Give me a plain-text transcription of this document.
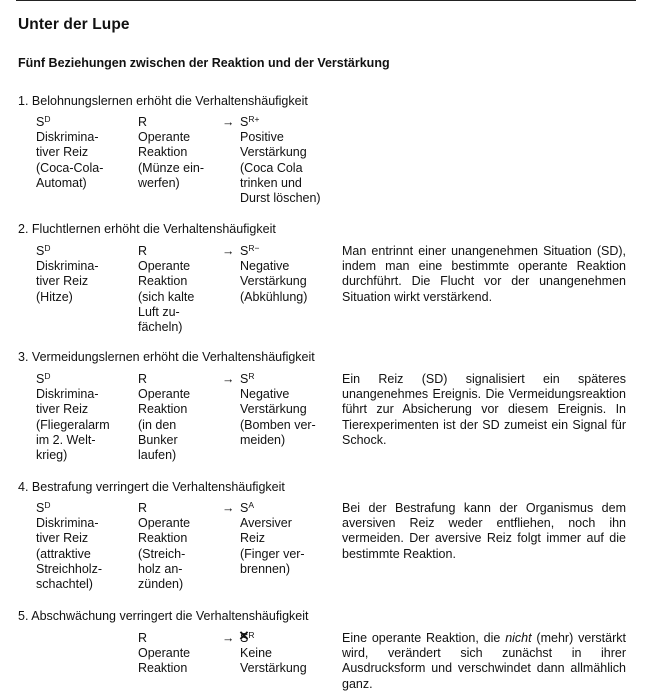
Unter der Lupe
Fünf Beziehungen zwischen der Reaktion und der Verstärkung
1. Belohnungslernen erhöht die Verhaltenshäufigkeit
$S^D$
Diskrimina-
tiver Reiz
(Coca-Cola-
Automat)
R
Operante
Reaktion
(Münze ein-
werfen)
→ $S^{R+}$
Positive
Verstärkung
(Coca Cola
trinken und
Durst löschen)
2. Fluchtlernen erhöht die Verhaltenshäufigkeit
$S^D$
Diskrimina-
tiver Reiz
(Hitze)
R
Operante
Reaktion
(sich kalte
Luft zu-
fächeln)
→ $S^{R-}$
Negative
Verstärkung
(Abkühlung)
Man entrinnt einer unangenehmen Situation (SD), indem man eine bestimmte operante Reaktion durchführt. Die Flucht vor der unangenehmen Situation wirkt verstärkend.
3. Vermeidungslernen erhöht die Verhaltenshäufigkeit
$S^D$
Diskrimina-
tiver Reiz
(Fliegeralarm
im 2. Welt-
krieg)
R
Operante
Reaktion
(in den
Bunker
laufen)
→ $S^R$
Negative
Verstärkung
(Bomben ver-
meiden)
Ein Reiz (SD) signalisiert ein späteres unangenehmes Ereignis. Die Vermeidungsreaktion führt zur Absicherung vor diesem Ereignis. In Tierexperimenten ist der SD zumeist ein Signal für Schock.
4. Bestrafung verringert die Verhaltenshäufigkeit
$S^D$
Diskrimina-
tiver Reiz
(attraktive
Streichholz-
schachtel)
R
Operante
Reaktion
(Streich-
holz an-
zünden)
→ $S^A$
Aversiver
Reiz
(Finger ver-
brennen)
Bei der Bestrafung kann der Organismus dem aversiven Reiz weder entfliehen, noch ihn vermeiden. Der aversive Reiz folgt immer auf die bestimmte Reaktion.
5. Abschwächung verringert die Verhaltenshäufigkeit
R
Operante
Reaktion
→ $S^R$ ×
Keine
Verstärkung
Eine operante Reaktion, die nicht (mehr) verstärkt wird, verändert sich zunächst in ihrer Ausdrucksform und verschwindet dann allmählich ganz.
